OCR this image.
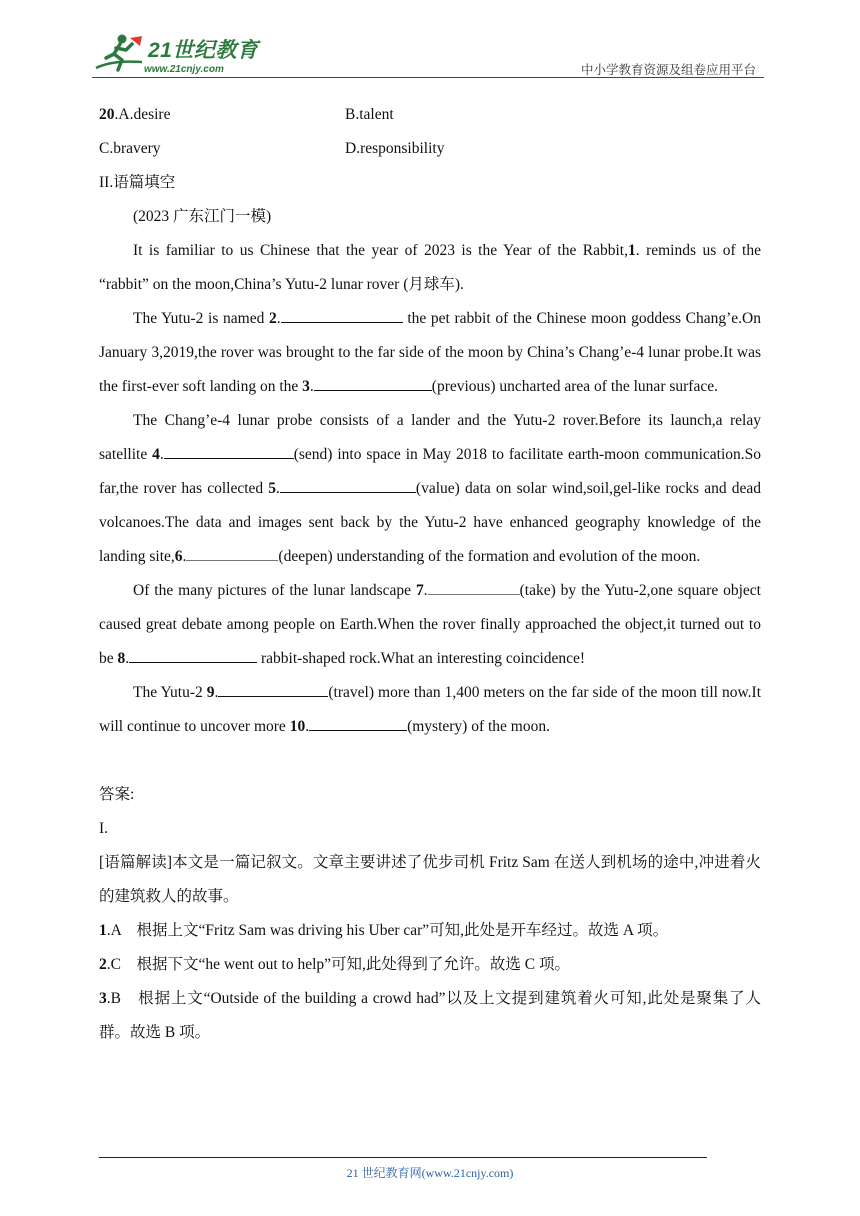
21世纪教育
www.21cnjy.com	中小学教育资源及组卷应用平台
20.A.desire	B.talent
C.bravery	D.responsibility

II.语篇填空

(2023 广东江门一模)

It is familiar to us Chinese that the year of 2023 is the Year of the Rabbit,1. reminds us of the “rabbit” on the moon,China’s Yutu-2 lunar rover (月球车).

The Yutu-2 is named 2.	the pet rabbit of the Chinese moon goddess Chang’e.On January 3,2019,the rover was brought to the far side of the moon by China’s Chang’e-4 lunar probe.It was the first-ever soft landing on the 3.	(previous) uncharted area of the lunar surface.

The Chang’e-4 lunar probe consists of a lander and the Yutu-2 rover.Before its launch,a relay satellite 4.	(send) into space in May 2018 to facilitate earth-moon communication.So far,the rover has collected 5.	(value) data on solar wind,soil,gel-like rocks and dead volcanoes.The data and images sent back by the Yutu-2 have enhanced geography knowledge of the landing site,6.	(deepen) understanding of the formation and evolution of the moon.

Of the many pictures of the lunar landscape 7.	(take) by the Yutu-2,one square object caused great debate among people on Earth.When the rover finally approached the object,it turned out to be 8.	rabbit-shaped rock.What an interesting coincidence!

The Yutu-2 9.	(travel) more than 1,400 meters on the far side of the moon till now.It will continue to uncover more 10.	(mystery) of the moon.

答案:

I.

[语篇解读]本文是一篇记叙文。文章主要讲述了优步司机 Fritz Sam 在送人到机场的途中,冲进着火的建筑救人的故事。

1.A　根据上文“Fritz Sam was driving his Uber car”可知,此处是开车经过。故选 A 项。

2.C　根据下文“he went out to help”可知,此处得到了允许。故选 C 项。

3.B　根据上文“Outside of the building a crowd had”以及上文提到建筑着火可知,此处是聚集了人群。故选 B 项。

21 世纪教育网(www.21cnjy.com)
